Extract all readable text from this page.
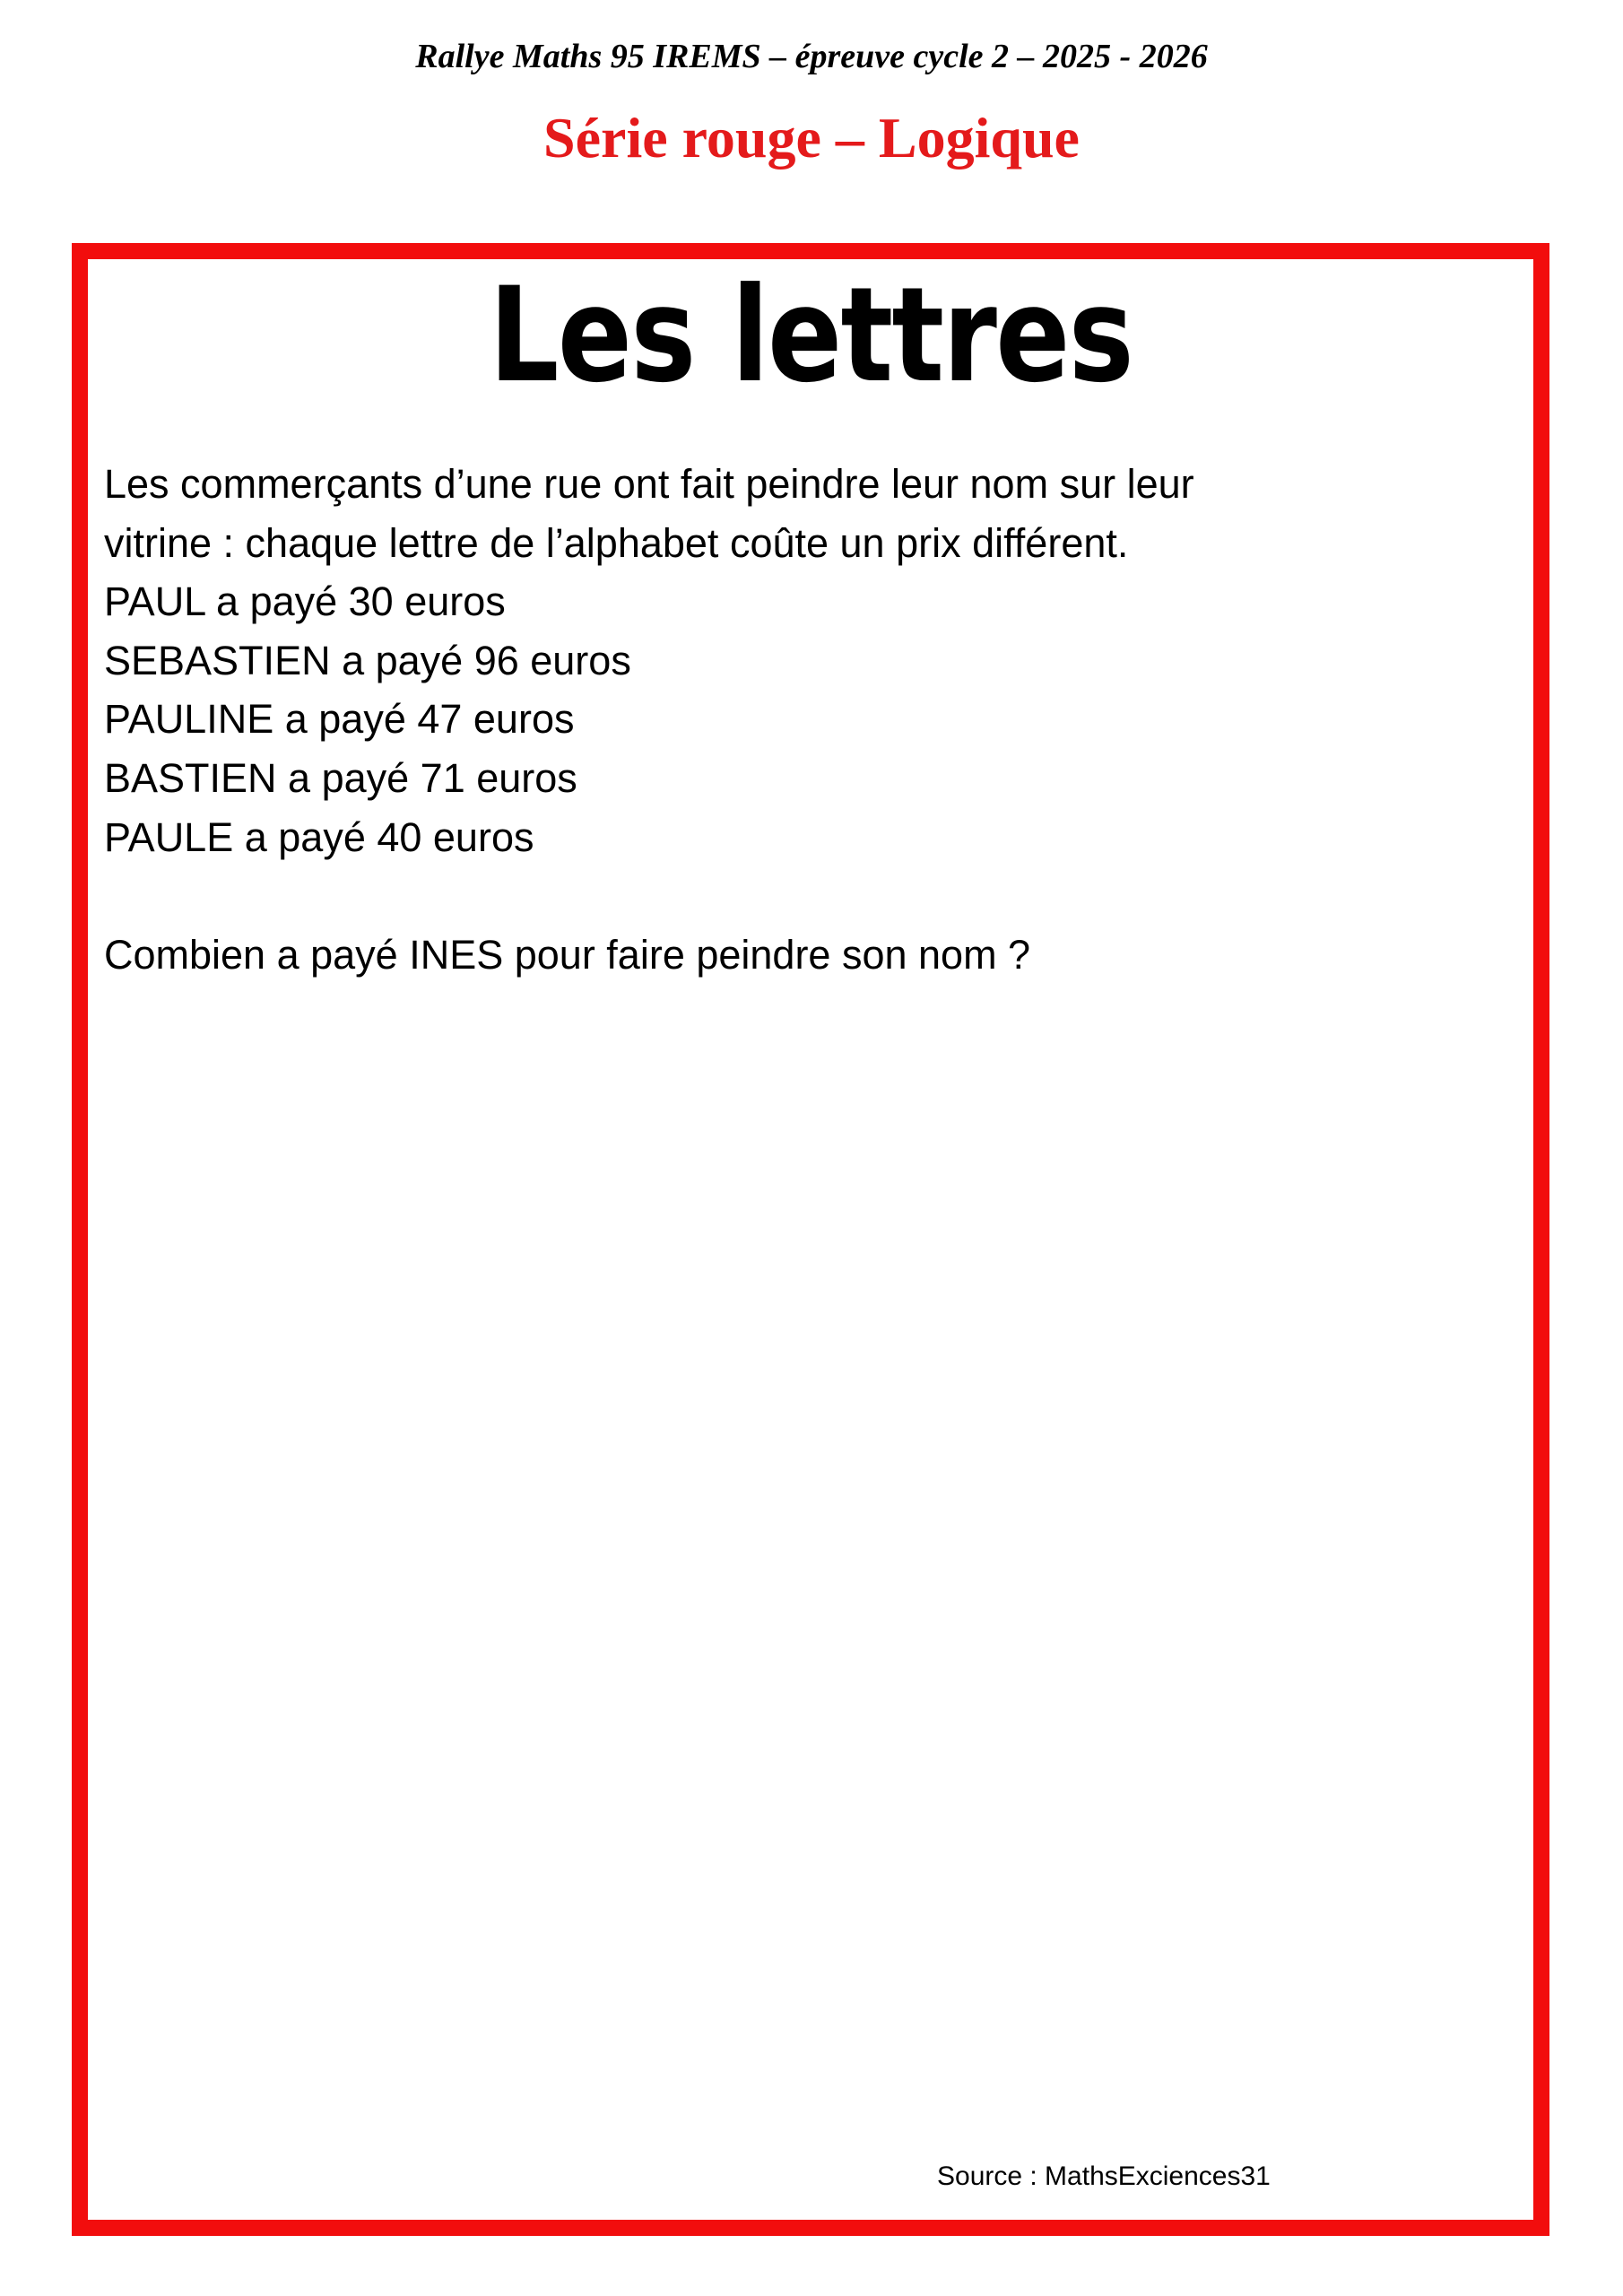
Rallye Maths 95 IREMS – épreuve cycle 2 – 2025 - 2026
Série rouge – Logique
Les lettres
Les commerçants d’une rue ont fait peindre leur nom sur leur
vitrine : chaque lettre de l’alphabet coûte un prix différent.
PAUL a payé 30 euros
SEBASTIEN a payé 96 euros
PAULINE a payé 47 euros
BASTIEN a payé 71 euros
PAULE a payé 40 euros
Combien a payé INES pour faire peindre son nom ?
Source : MathsExciences31
